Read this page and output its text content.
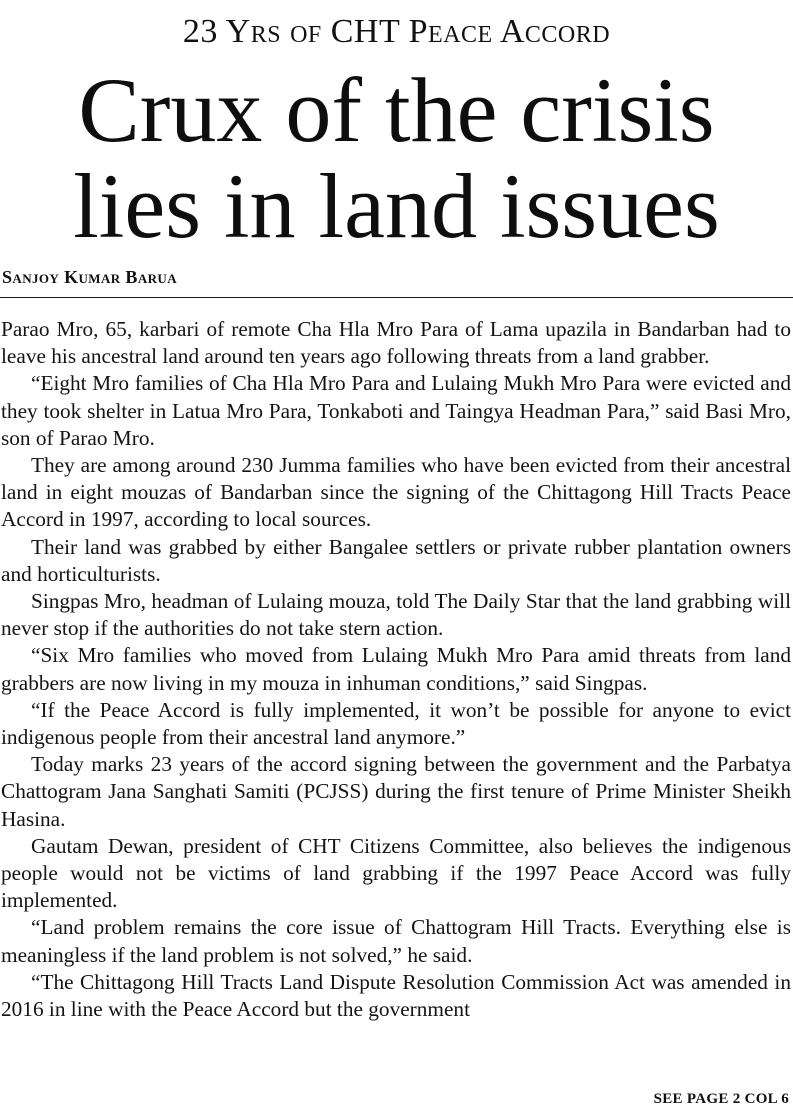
23 Yrs of CHT Peace Accord
Crux of the crisis
lies in land issues
Sanjoy Kumar Barua

Parao Mro, 65, karbari of remote Cha Hla Mro Para of Lama upazila in Bandarban had to leave his ancestral land around ten years ago following threats from a land grabber.

“Eight Mro families of Cha Hla Mro Para and Lulaing Mukh Mro Para were evicted and they took shelter in Latua Mro Para, Tonkaboti and Taingya Headman Para,” said Basi Mro, son of Parao Mro.

They are among around 230 Jumma families who have been evicted from their ancestral land in eight mouzas of Bandarban since the signing of the Chittagong Hill Tracts Peace Accord in 1997, according to local sources.

Their land was grabbed by either Bangalee settlers or private rubber plantation owners and horticulturists.

Singpas Mro, headman of Lulaing mouza, told The Daily Star that the land grabbing will never stop if the authorities do not take stern action.

“Six Mro families who moved from Lulaing Mukh Mro Para amid threats from land grabbers are now living in my mouza in inhuman conditions,” said Singpas.

“If the Peace Accord is fully implemented, it won’t be possible for anyone to evict indigenous people from their ancestral land anymore.”

Today marks 23 years of the accord signing between the government and the Parbatya Chattogram Jana Sanghati Samiti (PCJSS) during the first tenure of Prime Minister Sheikh Hasina.

Gautam Dewan, president of CHT Citizens Committee, also believes the indigenous people would not be victims of land grabbing if the 1997 Peace Accord was fully implemented.

“Land problem remains the core issue of Chattogram Hill Tracts. Everything else is meaningless if the land problem is not solved,” he said.

“The Chittagong Hill Tracts Land Dispute Resolution Commission Act was amended in 2016 in line with the Peace Accord but the government

SEE PAGE 2 COL 6
